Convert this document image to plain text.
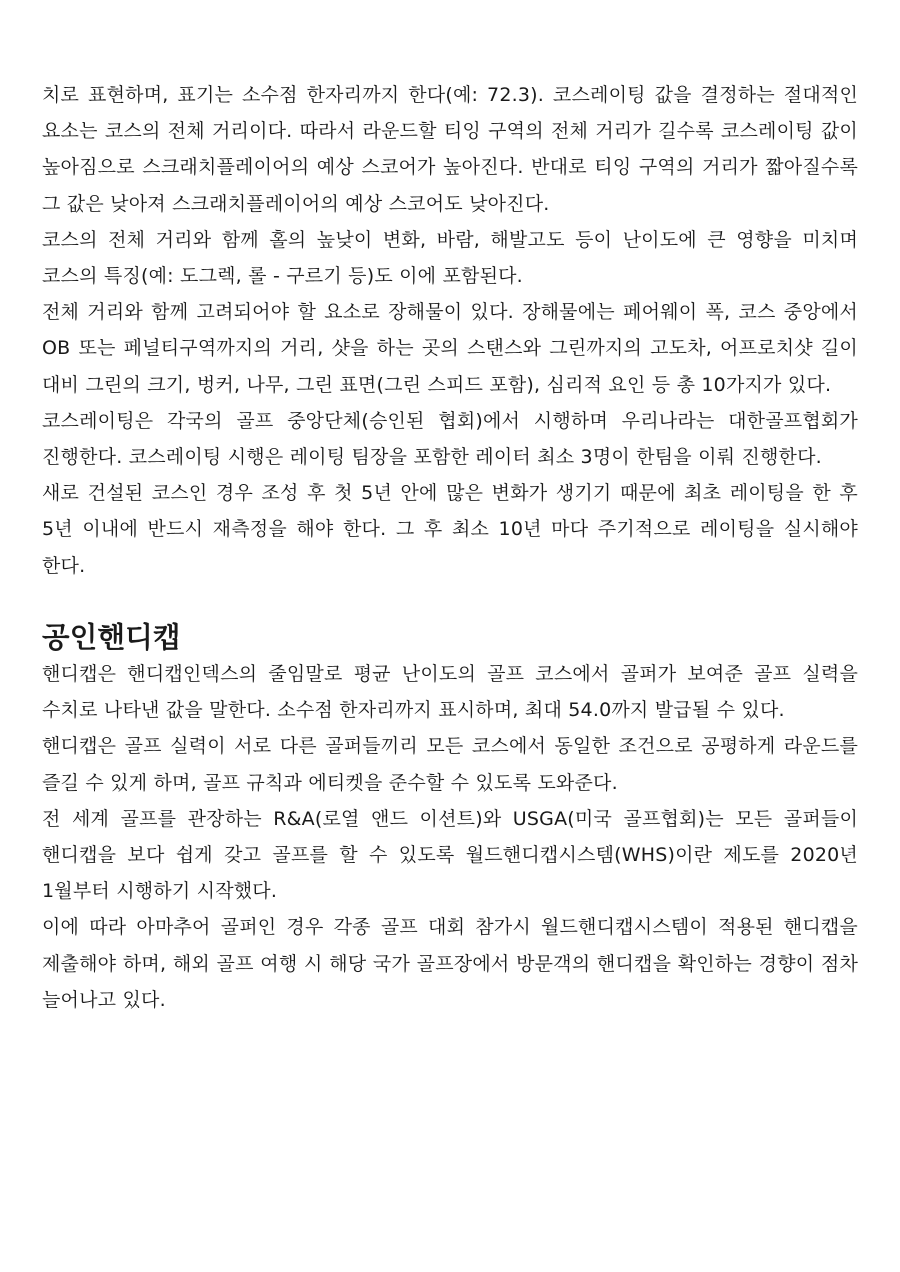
치로 표현하며, 표기는 소수점 한자리까지 한다(예: 72.3). 코스레이팅 값을 결정하는 절대적인 요소는 코스의 전체 거리이다. 따라서 라운드할 티잉 구역의 전체 거리가 길수록 코스레이팅 값이 높아짐으로 스크래치플레이어의 예상 스코어가 높아진다. 반대로 티잉 구역의 거리가 짧아질수록 그 값은 낮아져 스크래치플레이어의 예상 스코어도 낮아진다.

코스의 전체 거리와 함께 홀의 높낮이 변화, 바람, 해발고도 등이 난이도에 큰 영향을 미치며 코스의 특징(예: 도그렉, 롤 - 구르기 등)도 이에 포함된다.

전체 거리와 함께 고려되어야 할 요소로 장해물이 있다. 장해물에는 페어웨이 폭, 코스 중앙에서 OB 또는 페널티구역까지의 거리, 샷을 하는 곳의 스탠스와 그린까지의 고도차, 어프로치샷 길이 대비 그린의 크기, 벙커, 나무, 그린 표면(그린 스피드 포함), 심리적 요인 등 총 10가지가 있다.

코스레이팅은 각국의 골프 중앙단체(승인된 협회)에서 시행하며 우리나라는 대한골프협회가 진행한다. 코스레이팅 시행은 레이팅 팀장을 포함한 레이터 최소 3명이 한팀을 이뤄 진행한다.

새로 건설된 코스인 경우 조성 후 첫 5년 안에 많은 변화가 생기기 때문에 최초 레이팅을 한 후 5년 이내에 반드시 재측정을 해야 한다. 그 후 최소 10년 마다 주기적으로 레이팅을 실시해야 한다.

공인핸디캡

핸디캡은 핸디캡인덱스의 줄임말로 평균 난이도의 골프 코스에서 골퍼가 보여준 골프 실력을 수치로 나타낸 값을 말한다. 소수점 한자리까지 표시하며, 최대 54.0까지 발급될 수 있다.

핸디캡은 골프 실력이 서로 다른 골퍼들끼리 모든 코스에서 동일한 조건으로 공평하게 라운드를 즐길 수 있게 하며, 골프 규칙과 에티켓을 준수할 수 있도록 도와준다.

전 세계 골프를 관장하는 R&A(로열 앤드 이션트)와 USGA(미국 골프협회)는 모든 골퍼들이 핸디캡을 보다 쉽게 갖고 골프를 할 수 있도록 월드핸디캡시스템(WHS)이란 제도를 2020년 1월부터 시행하기 시작했다.

이에 따라 아마추어 골퍼인 경우 각종 골프 대회 참가시 월드핸디캡시스템이 적용된 핸디캡을 제출해야 하며, 해외 골프 여행 시 해당 국가 골프장에서 방문객의 핸디캡을 확인하는 경향이 점차 늘어나고 있다.
